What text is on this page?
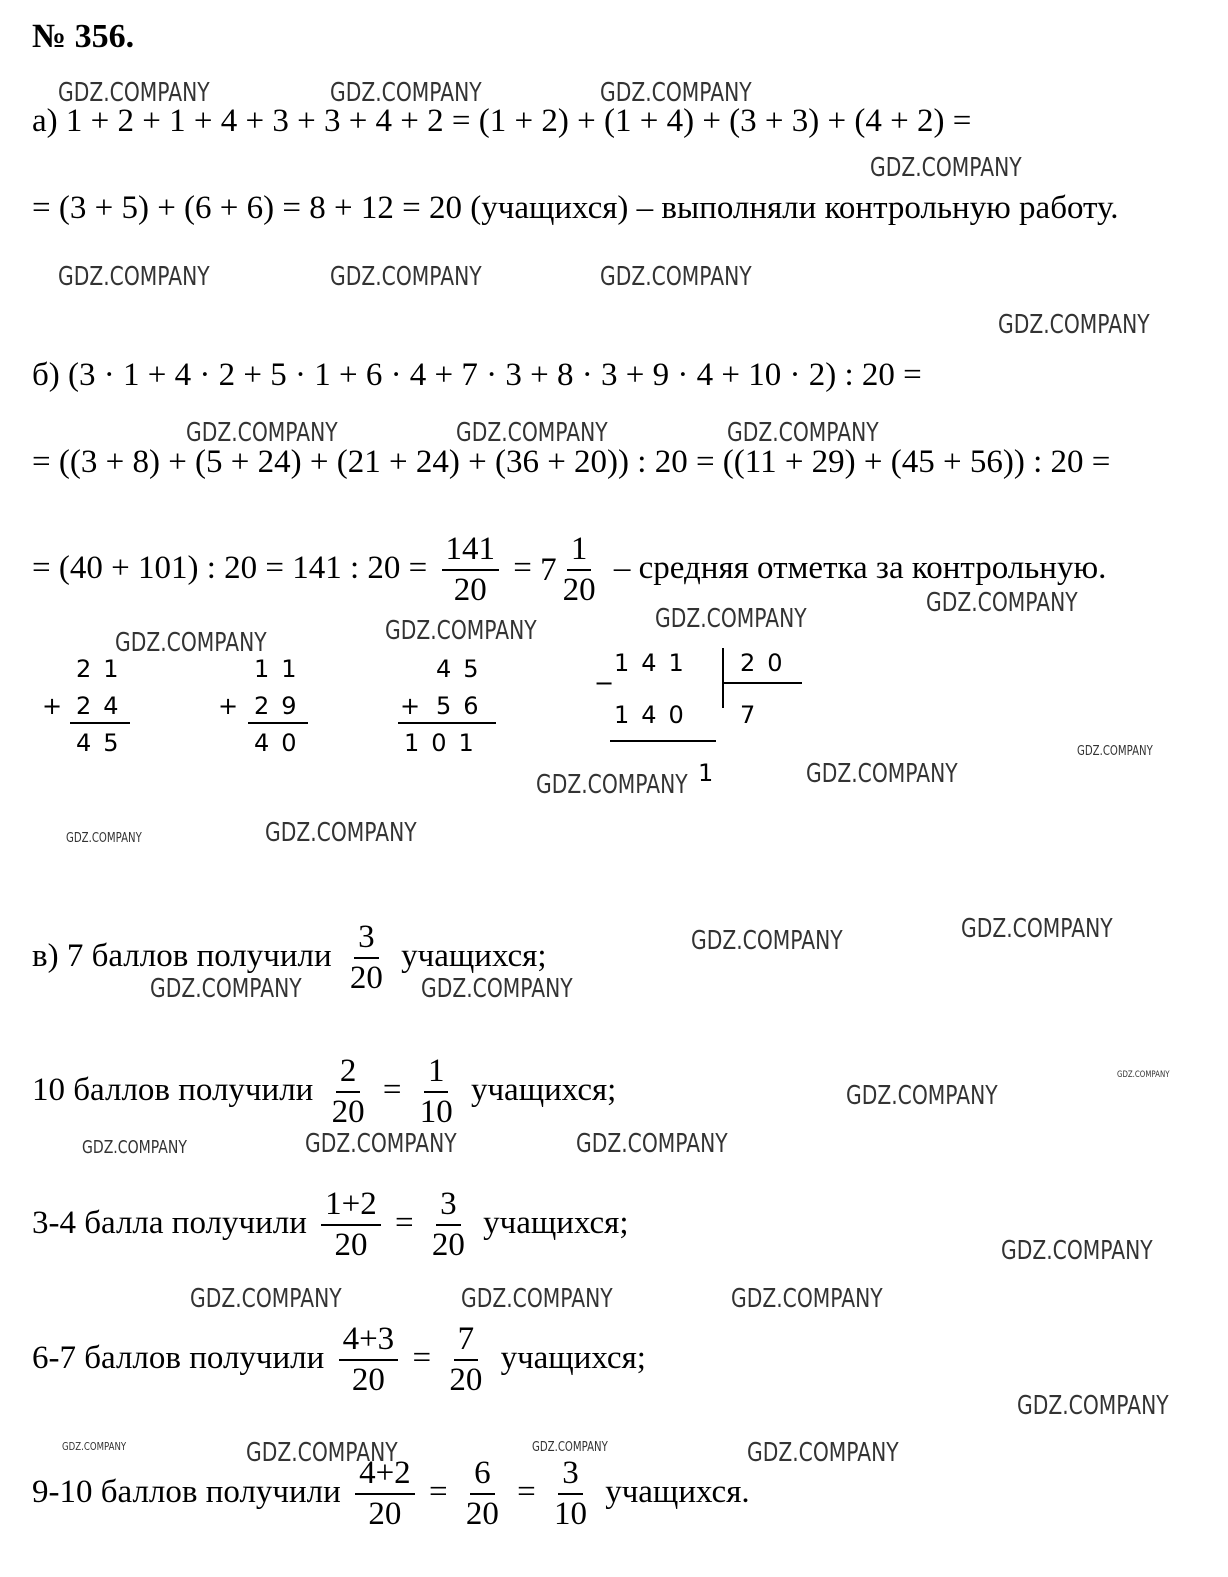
№ 356.
GDZ.COMPANY	GDZ.COMPANY	GDZ.COMPANY
GDZ.COMPANY
GDZ.COMPANY	GDZ.COMPANY	GDZ.COMPANY
GDZ.COMPANY
GDZ.COMPANY	GDZ.COMPANY	GDZ.COMPANY
GDZ.COMPANY
GDZ.COMPANY
GDZ.COMPANY
GDZ.COMPANY
GDZ.COMPANY
GDZ.COMPANY
GDZ.COMPANY
GDZ.COMPANY
GDZ.COMPANY
GDZ.COMPANY
GDZ.COMPANY
GDZ.COMPANY	GDZ.COMPANY
GDZ.COMPANY
GDZ.COMPANY
GDZ.COMPANY	GDZ.COMPANY	GDZ.COMPANY
GDZ.COMPANY
GDZ.COMPANY	GDZ.COMPANY	GDZ.COMPANY
GDZ.COMPANY
GDZ.COMPANY	GDZ.COMPANY	GDZ.COMPANY	GDZ.COMPANY
а) 1 + 2 + 1 + 4 + 3 + 3 + 4 + 2 = (1 + 2) + (1 + 4) + (3 + 3) + (4 + 2) =
= (3 + 5) + (6 + 6) = 8 + 12 = 20 (учащихся) – выполняли контрольную работу.
б) (3 · 1 + 4 · 2 + 5 · 1 + 6 · 4 + 7 · 3 + 8 · 3 + 9 · 4 + 10 · 2) : 20 =
= ((3 + 8) + (5 + 24) + (21 + 24) + (36 + 20)) : 20 = ((11 + 29) + (45 + 56)) : 20 =
= (40 + 101) : 20 = 141 : $20 = \frac{141}{20} = 7 \frac{1}{20}$ – средняя отметка за контрольную.
21
+ 24
45
11
+ 29
40
45
+ 56
101
141
−
20
140 7
1
в) 7 баллов получили $\frac{3}{20}$ учащихся;
10 баллов получили $\frac{2}{20} = \frac{1}{10}$ учащихся;
3-4 балла получили $\frac{1+2}{20} = \frac{3}{20}$ учащихся;
6-7 баллов получили $\frac{4+3}{20} = \frac{7}{20}$ учащихся;
9-10 баллов получили $\frac{4+2}{20} = \frac{6}{20} = \frac{3}{10}$ учащихся.
